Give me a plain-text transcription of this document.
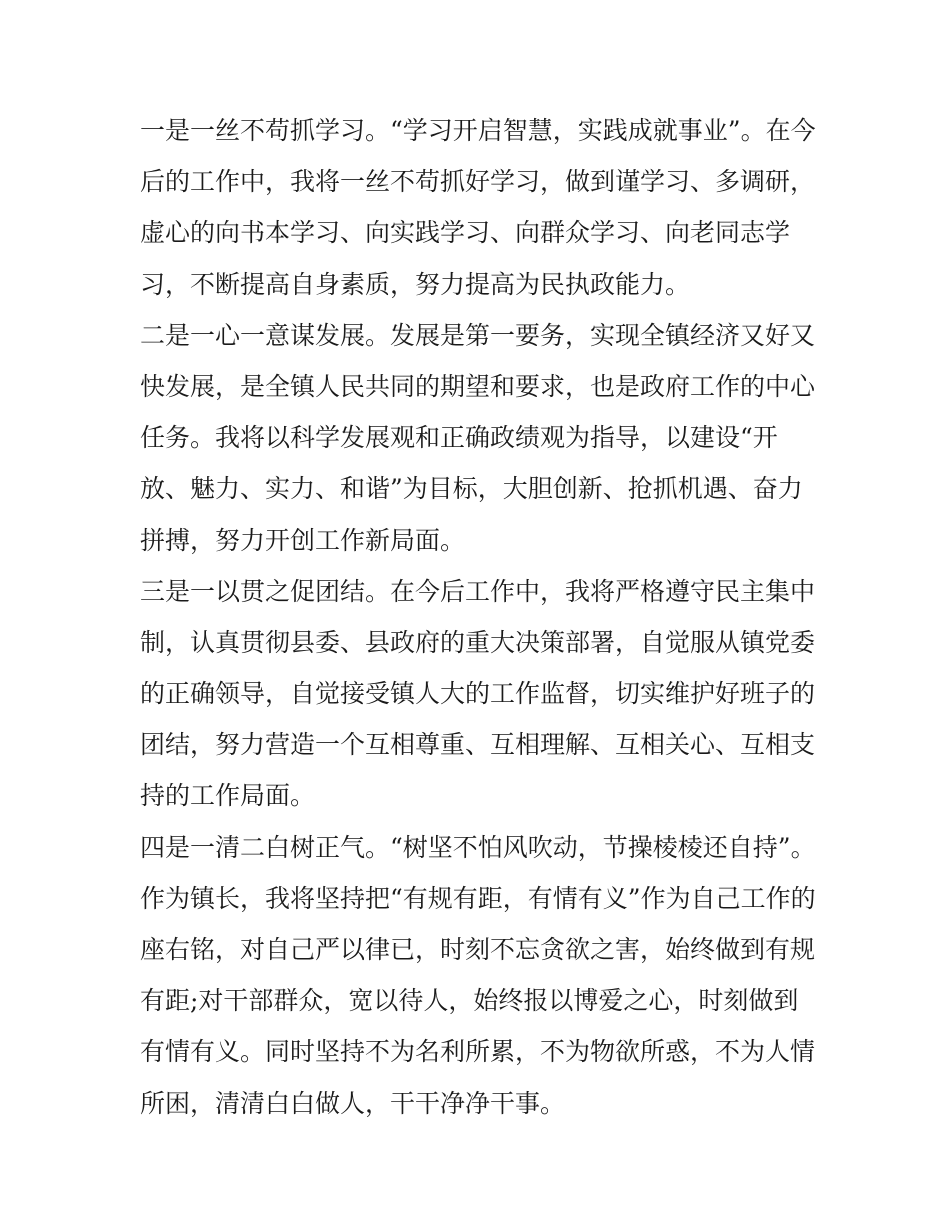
一是一丝不苟抓学习。“学习开启智慧，实践成就事业”。在今
后的工作中，我将一丝不苟抓好学习，做到谨学习、多调研，
虚心的向书本学习、向实践学习、向群众学习、向老同志学
习，不断提高自身素质，努力提高为民执政能力。
二是一心一意谋发展。发展是第一要务，实现全镇经济又好又
快发展，是全镇人民共同的期望和要求，也是政府工作的中心
任务。我将以科学发展观和正确政绩观为指导，以建设“开
放、魅力、实力、和谐”为目标，大胆创新、抢抓机遇、奋力
拼搏，努力开创工作新局面。
三是一以贯之促团结。在今后工作中，我将严格遵守民主集中
制，认真贯彻县委、县政府的重大决策部署，自觉服从镇党委
的正确领导，自觉接受镇人大的工作监督，切实维护好班子的
团结，努力营造一个互相尊重、互相理解、互相关心、互相支
持的工作局面。
四是一清二白树正气。“树坚不怕风吹动，节操棱棱还自持”。
作为镇长，我将坚持把“有规有距，有情有义”作为自己工作的
座右铭，对自己严以律已，时刻不忘贪欲之害，始终做到有规
有距;对干部群众，宽以待人，始终报以博爱之心，时刻做到
有情有义。同时坚持不为名利所累，不为物欲所惑，不为人情
所困，清清白白做人，干干净净干事。
